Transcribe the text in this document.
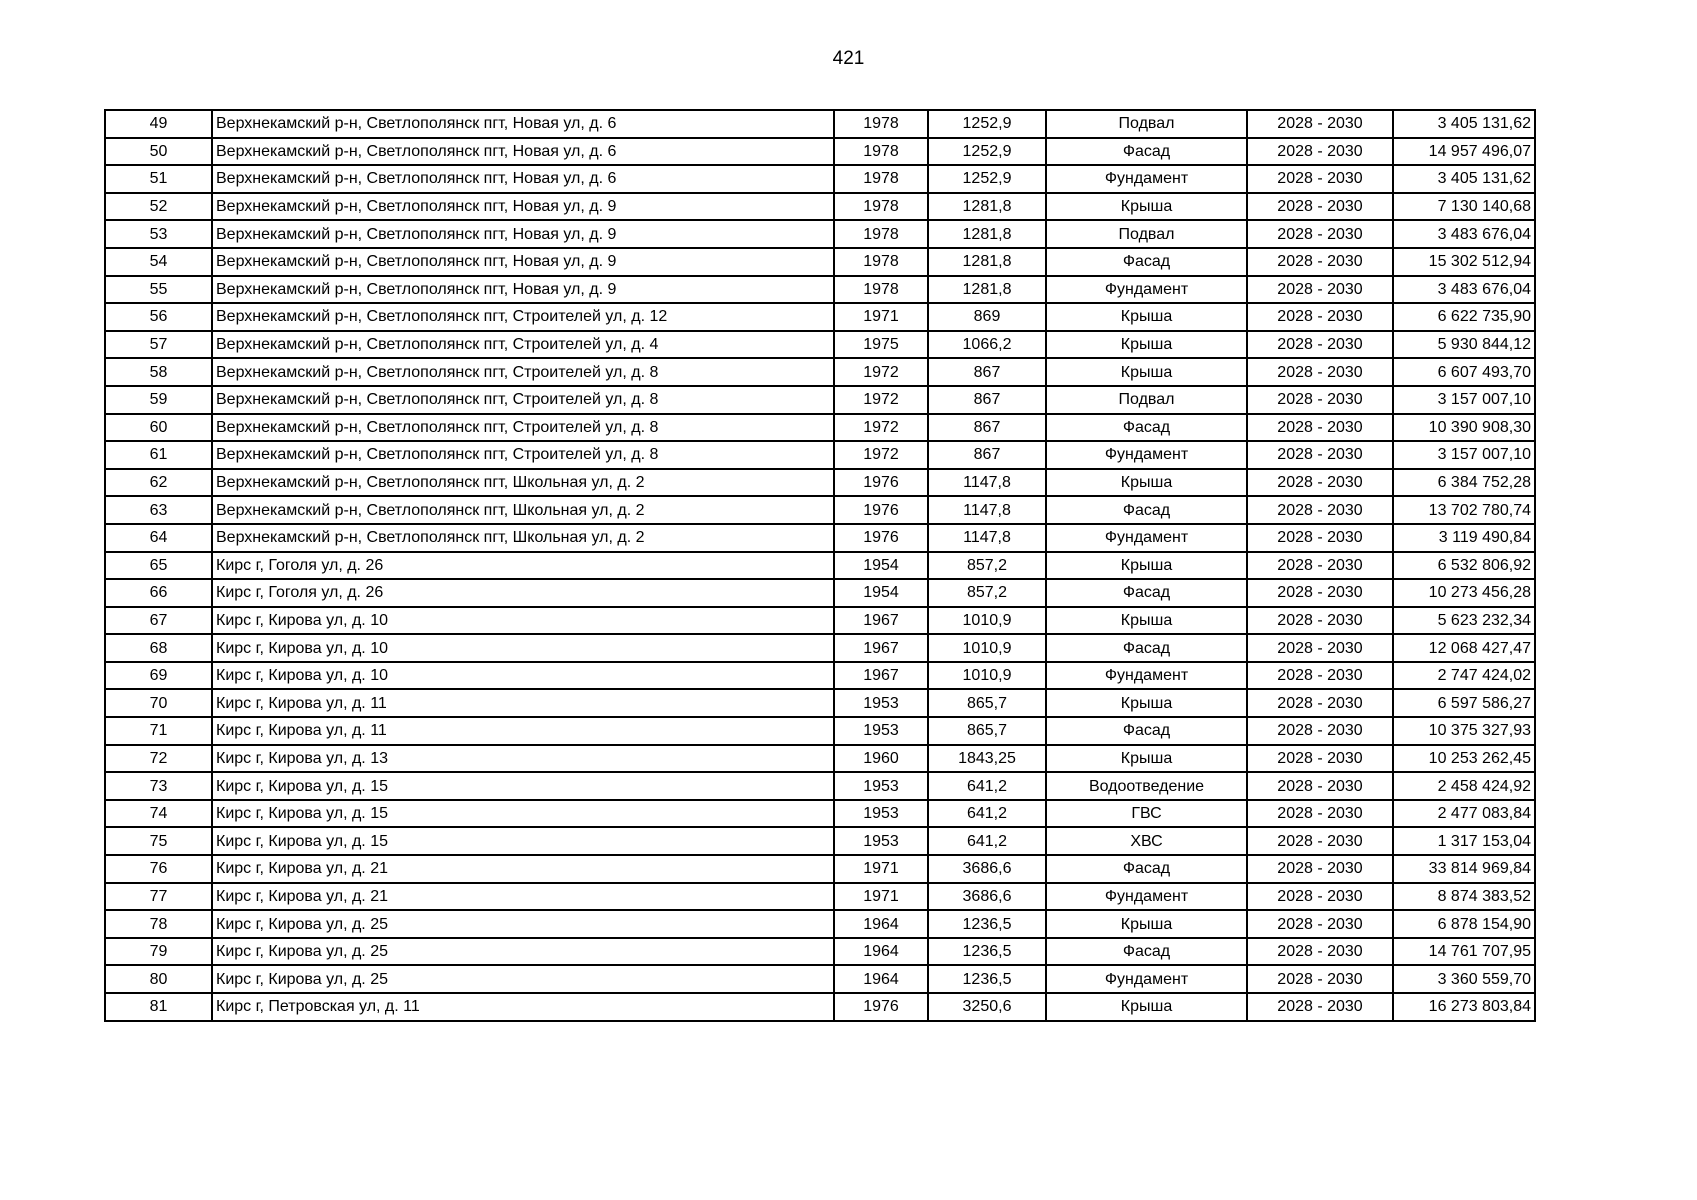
421
49	Верхнекамский р-н, Светлополянск пгт, Новая ул, д. 6	1978	1252,9	Подвал	2028 - 2030	3 405 131,62
50	Верхнекамский р-н, Светлополянск пгт, Новая ул, д. 6	1978	1252,9	Фасад	2028 - 2030	14 957 496,07
51	Верхнекамский р-н, Светлополянск пгт, Новая ул, д. 6	1978	1252,9	Фундамент	2028 - 2030	3 405 131,62
52	Верхнекамский р-н, Светлополянск пгт, Новая ул, д. 9	1978	1281,8	Крыша	2028 - 2030	7 130 140,68
53	Верхнекамский р-н, Светлополянск пгт, Новая ул, д. 9	1978	1281,8	Подвал	2028 - 2030	3 483 676,04
54	Верхнекамский р-н, Светлополянск пгт, Новая ул, д. 9	1978	1281,8	Фасад	2028 - 2030	15 302 512,94
55	Верхнекамский р-н, Светлополянск пгт, Новая ул, д. 9	1978	1281,8	Фундамент	2028 - 2030	3 483 676,04
56	Верхнекамский р-н, Светлополянск пгт, Строителей ул, д. 12	1971	869	Крыша	2028 - 2030	6 622 735,90
57	Верхнекамский р-н, Светлополянск пгт, Строителей ул, д. 4	1975	1066,2	Крыша	2028 - 2030	5 930 844,12
58	Верхнекамский р-н, Светлополянск пгт, Строителей ул, д. 8	1972	867	Крыша	2028 - 2030	6 607 493,70
59	Верхнекамский р-н, Светлополянск пгт, Строителей ул, д. 8	1972	867	Подвал	2028 - 2030	3 157 007,10
60	Верхнекамский р-н, Светлополянск пгт, Строителей ул, д. 8	1972	867	Фасад	2028 - 2030	10 390 908,30
61	Верхнекамский р-н, Светлополянск пгт, Строителей ул, д. 8	1972	867	Фундамент	2028 - 2030	3 157 007,10
62	Верхнекамский р-н, Светлополянск пгт, Школьная ул, д. 2	1976	1147,8	Крыша	2028 - 2030	6 384 752,28
63	Верхнекамский р-н, Светлополянск пгт, Школьная ул, д. 2	1976	1147,8	Фасад	2028 - 2030	13 702 780,74
64	Верхнекамский р-н, Светлополянск пгт, Школьная ул, д. 2	1976	1147,8	Фундамент	2028 - 2030	3 119 490,84
65	Кирс г, Гоголя ул, д. 26	1954	857,2	Крыша	2028 - 2030	6 532 806,92
66	Кирс г, Гоголя ул, д. 26	1954	857,2	Фасад	2028 - 2030	10 273 456,28
67	Кирс г, Кирова ул, д. 10	1967	1010,9	Крыша	2028 - 2030	5 623 232,34
68	Кирс г, Кирова ул, д. 10	1967	1010,9	Фасад	2028 - 2030	12 068 427,47
69	Кирс г, Кирова ул, д. 10	1967	1010,9	Фундамент	2028 - 2030	2 747 424,02
70	Кирс г, Кирова ул, д. 11	1953	865,7	Крыша	2028 - 2030	6 597 586,27
71	Кирс г, Кирова ул, д. 11	1953	865,7	Фасад	2028 - 2030	10 375 327,93
72	Кирс г, Кирова ул, д. 13	1960	1843,25	Крыша	2028 - 2030	10 253 262,45
73	Кирс г, Кирова ул, д. 15	1953	641,2	Водоотведение	2028 - 2030	2 458 424,92
74	Кирс г, Кирова ул, д. 15	1953	641,2	ГВС	2028 - 2030	2 477 083,84
75	Кирс г, Кирова ул, д. 15	1953	641,2	ХВС	2028 - 2030	1 317 153,04
76	Кирс г, Кирова ул, д. 21	1971	3686,6	Фасад	2028 - 2030	33 814 969,84
77	Кирс г, Кирова ул, д. 21	1971	3686,6	Фундамент	2028 - 2030	8 874 383,52
78	Кирс г, Кирова ул, д. 25	1964	1236,5	Крыша	2028 - 2030	6 878 154,90
79	Кирс г, Кирова ул, д. 25	1964	1236,5	Фасад	2028 - 2030	14 761 707,95
80	Кирс г, Кирова ул, д. 25	1964	1236,5	Фундамент	2028 - 2030	3 360 559,70
81	Кирс г, Петровская ул, д. 11	1976	3250,6	Крыша	2028 - 2030	16 273 803,84
